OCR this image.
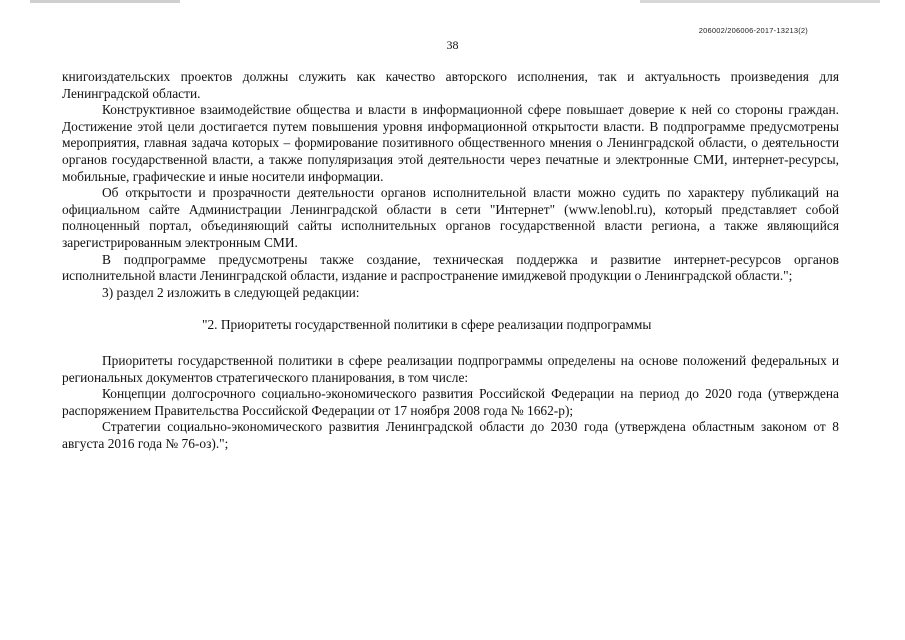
206002/206006-2017-13213(2)
38

книгоиздательских проектов должны служить как качество авторского исполнения, так и актуальность произведения для Ленинградской области.

Конструктивное взаимодействие общества и власти в информационной сфере повышает доверие к ней со стороны граждан. Достижение этой цели достигается путем повышения уровня информационной открытости власти. В подпрограмме предусмотрены мероприятия, главная задача которых – формирование позитивного общественного мнения о Ленинградской области, о деятельности органов государственной власти, а также популяризация этой деятельности через печатные и электронные СМИ, интернет-ресурсы, мобильные, графические и иные носители информации.

Об открытости и прозрачности деятельности органов исполнительной власти можно судить по характеру публикаций на официальном сайте Администрации Ленинградской области в сети "Интернет" (www.lenobl.ru), который представляет собой полноценный портал, объединяющий сайты исполнительных органов государственной власти региона, а также являющийся зарегистрированным электронным СМИ.

В подпрограмме предусмотрены также создание, техническая поддержка и развитие интернет-ресурсов органов исполнительной власти Ленинградской области, издание и распространение имиджевой продукции о Ленинградской области.";

3) раздел 2 изложить в следующей редакции:

"2. Приоритеты государственной политики в сфере реализации подпрограммы

Приоритеты государственной политики в сфере реализации подпрограммы определены на основе положений федеральных и региональных документов стратегического планирования, в том числе:

Концепции долгосрочного социально-экономического развития Российской Федерации на период до 2020 года (утверждена распоряжением Правительства Российской Федерации от 17 ноября 2008 года № 1662-р);

Стратегии социально-экономического развития Ленинградской области до 2030 года (утверждена областным законом от 8 августа 2016 года № 76-оз).";
